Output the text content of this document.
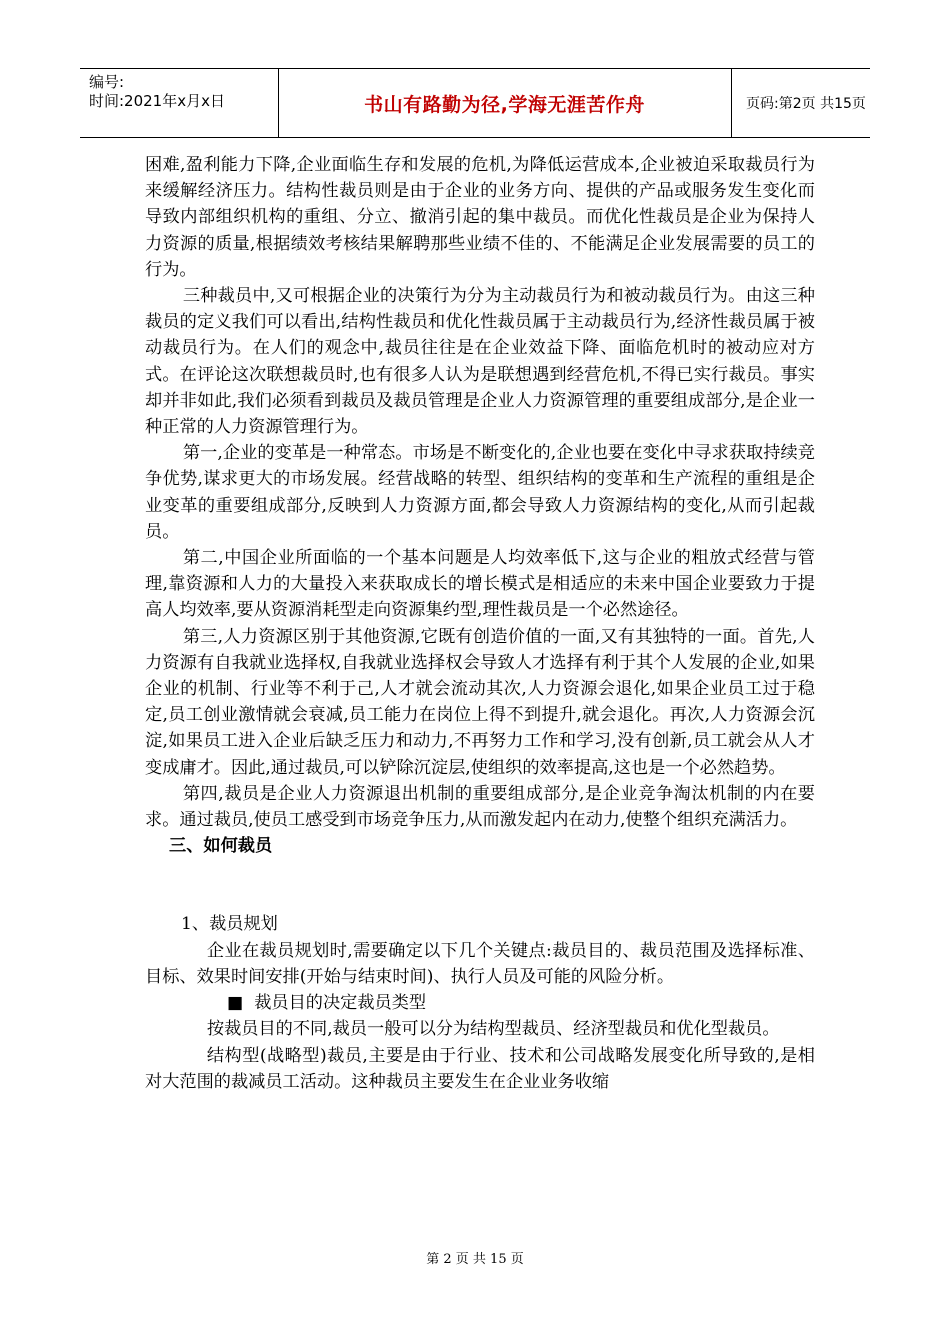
编号:
时间:2021年x月x日	书山有路勤为径,学海无涯苦作舟	页码:第2页 共15页

困难,盈利能力下降,企业面临生存和发展的危机,为降低运营成本,企业被迫采取裁员行为来缓解经济压力。结构性裁员则是由于企业的业务方向、提供的产品或服务发生变化而导致内部组织机构的重组、分立、撤消引起的集中裁员。而优化性裁员是企业为保持人力资源的质量,根据绩效考核结果解聘那些业绩不佳的、不能满足企业发展需要的员工的行为。

三种裁员中,又可根据企业的决策行为分为主动裁员行为和被动裁员行为。由这三种裁员的定义我们可以看出,结构性裁员和优化性裁员属于主动裁员行为,经济性裁员属于被动裁员行为。在人们的观念中,裁员往往是在企业效益下降、面临危机时的被动应对方式。在评论这次联想裁员时,也有很多人认为是联想遇到经营危机,不得已实行裁员。事实却并非如此,我们必须看到裁员及裁员管理是企业人力资源管理的重要组成部分,是企业一种正常的人力资源管理行为。

第一,企业的变革是一种常态。市场是不断变化的,企业也要在变化中寻求获取持续竞争优势,谋求更大的市场发展。经营战略的转型、组织结构的变革和生产流程的重组是企业变革的重要组成部分,反映到人力资源方面,都会导致人力资源结构的变化,从而引起裁员。

第二,中国企业所面临的一个基本问题是人均效率低下,这与企业的粗放式经营与管理,靠资源和人力的大量投入来获取成长的增长模式是相适应的未来中国企业要致力于提高人均效率,要从资源消耗型走向资源集约型,理性裁员是一个必然途径。

第三,人力资源区别于其他资源,它既有创造价值的一面,又有其独特的一面。首先,人力资源有自我就业选择权,自我就业选择权会导致人才选择有利于其个人发展的企业,如果企业的机制、行业等不利于己,人才就会流动其次,人力资源会退化,如果企业员工过于稳定,员工创业激情就会衰减,员工能力在岗位上得不到提升,就会退化。再次,人力资源会沉淀,如果员工进入企业后缺乏压力和动力,不再努力工作和学习,没有创新,员工就会从人才变成庸才。因此,通过裁员,可以铲除沉淀层,使组织的效率提高,这也是一个必然趋势。

第四,裁员是企业人力资源退出机制的重要组成部分,是企业竞争淘汰机制的内在要求。通过裁员,使员工感受到市场竞争压力,从而激发起内在动力,使整个组织充满活力。

三、如何裁员

1、裁员规划

企业在裁员规划时,需要确定以下几个关键点:裁员目的、裁员范围及选择标准、目标、效果时间安排(开始与结束时间)、执行人员及可能的风险分析。

■ 裁员目的决定裁员类型

按裁员目的不同,裁员一般可以分为结构型裁员、经济型裁员和优化型裁员。

结构型(战略型)裁员,主要是由于行业、技术和公司战略发展变化所导致的,是相对大范围的裁减员工活动。这种裁员主要发生在企业业务收缩

第 2 页 共 15 页
